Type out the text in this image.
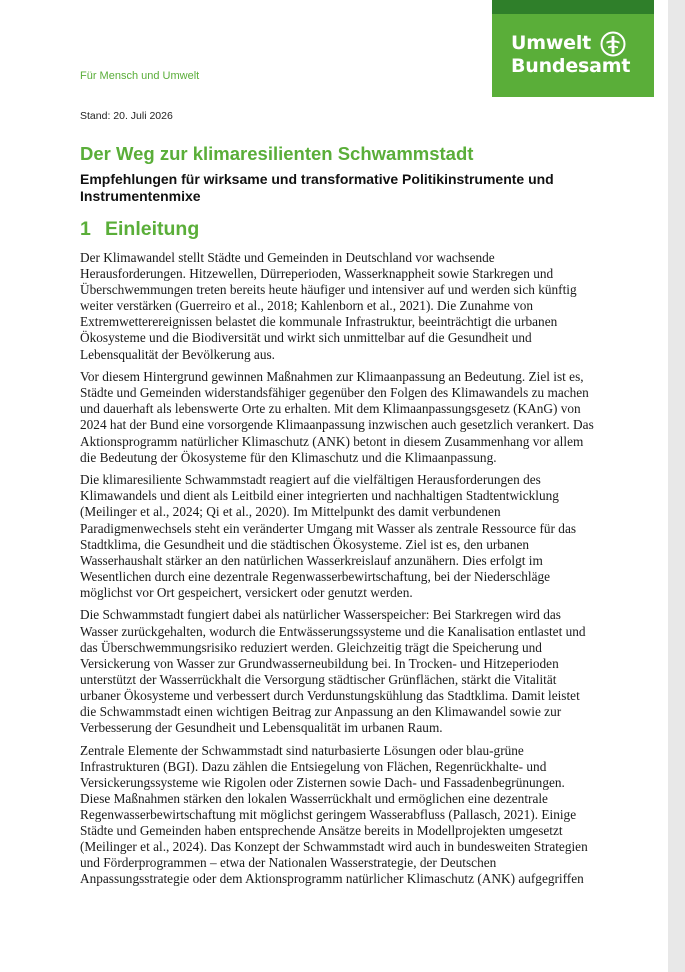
Umwelt
Bundesamt
Für Mensch und Umwelt
Stand: 20. Juli 2026
Der Weg zur klimaresilienten Schwammstadt
Empfehlungen für wirksame und transformative Politikinstrumente und
Instrumentenmixe
1 Einleitung

Der Klimawandel stellt Städte und Gemeinden in Deutschland vor wachsende
Herausforderungen. Hitzewellen, Dürreperioden, Wasserknappheit sowie Starkregen und
Überschwemmungen treten bereits heute häufiger und intensiver auf und werden sich künftig
weiter verstärken (Guerreiro et al., 2018; Kahlenborn et al., 2021). Die Zunahme von
Extremwetterereignissen belastet die kommunale Infrastruktur, beeinträchtigt die urbanen
Ökosysteme und die Biodiversität und wirkt sich unmittelbar auf die Gesundheit und
Lebensqualität der Bevölkerung aus.

Vor diesem Hintergrund gewinnen Maßnahmen zur Klimaanpassung an Bedeutung. Ziel ist es,
Städte und Gemeinden widerstandsfähiger gegenüber den Folgen des Klimawandels zu machen
und dauerhaft als lebenswerte Orte zu erhalten. Mit dem Klimaanpassungsgesetz (KAnG) von
2024 hat der Bund eine vorsorgende Klimaanpassung inzwischen auch gesetzlich verankert. Das
Aktionsprogramm natürlicher Klimaschutz (ANK) betont in diesem Zusammenhang vor allem
die Bedeutung der Ökosysteme für den Klimaschutz und die Klimaanpassung.

Die klimaresiliente Schwammstadt reagiert auf die vielfältigen Herausforderungen des
Klimawandels und dient als Leitbild einer integrierten und nachhaltigen Stadtentwicklung
(Meilinger et al., 2024; Qi et al., 2020). Im Mittelpunkt des damit verbundenen
Paradigmenwechsels steht ein veränderter Umgang mit Wasser als zentrale Ressource für das
Stadtklima, die Gesundheit und die städtischen Ökosysteme. Ziel ist es, den urbanen
Wasserhaushalt stärker an den natürlichen Wasserkreislauf anzunähern. Dies erfolgt im
Wesentlichen durch eine dezentrale Regenwasserbewirtschaftung, bei der Niederschläge
möglichst vor Ort gespeichert, versickert oder genutzt werden.

Die Schwammstadt fungiert dabei als natürlicher Wasserspeicher: Bei Starkregen wird das
Wasser zurückgehalten, wodurch die Entwässerungssysteme und die Kanalisation entlastet und
das Überschwemmungsrisiko reduziert werden. Gleichzeitig trägt die Speicherung und
Versickerung von Wasser zur Grundwasserneubildung bei. In Trocken- und Hitzeperioden
unterstützt der Wasserrückhalt die Versorgung städtischer Grünflächen, stärkt die Vitalität
urbaner Ökosysteme und verbessert durch Verdunstungskühlung das Stadtklima. Damit leistet
die Schwammstadt einen wichtigen Beitrag zur Anpassung an den Klimawandel sowie zur
Verbesserung der Gesundheit und Lebensqualität im urbanen Raum.

Zentrale Elemente der Schwammstadt sind naturbasierte Lösungen oder blau-grüne
Infrastrukturen (BGI). Dazu zählen die Entsiegelung von Flächen, Regenrückhalte- und
Versickerungssysteme wie Rigolen oder Zisternen sowie Dach- und Fassadenbegrünungen.
Diese Maßnahmen stärken den lokalen Wasserrückhalt und ermöglichen eine dezentrale
Regenwasserbewirtschaftung mit möglichst geringem Wasserabfluss (Pallasch, 2021). Einige
Städte und Gemeinden haben entsprechende Ansätze bereits in Modellprojekten umgesetzt
(Meilinger et al., 2024). Das Konzept der Schwammstadt wird auch in bundesweiten Strategien
und Förderprogrammen – etwa der Nationalen Wasserstrategie, der Deutschen
Anpassungsstrategie oder dem Aktionsprogramm natürlicher Klimaschutz (ANK) aufgegriffen
